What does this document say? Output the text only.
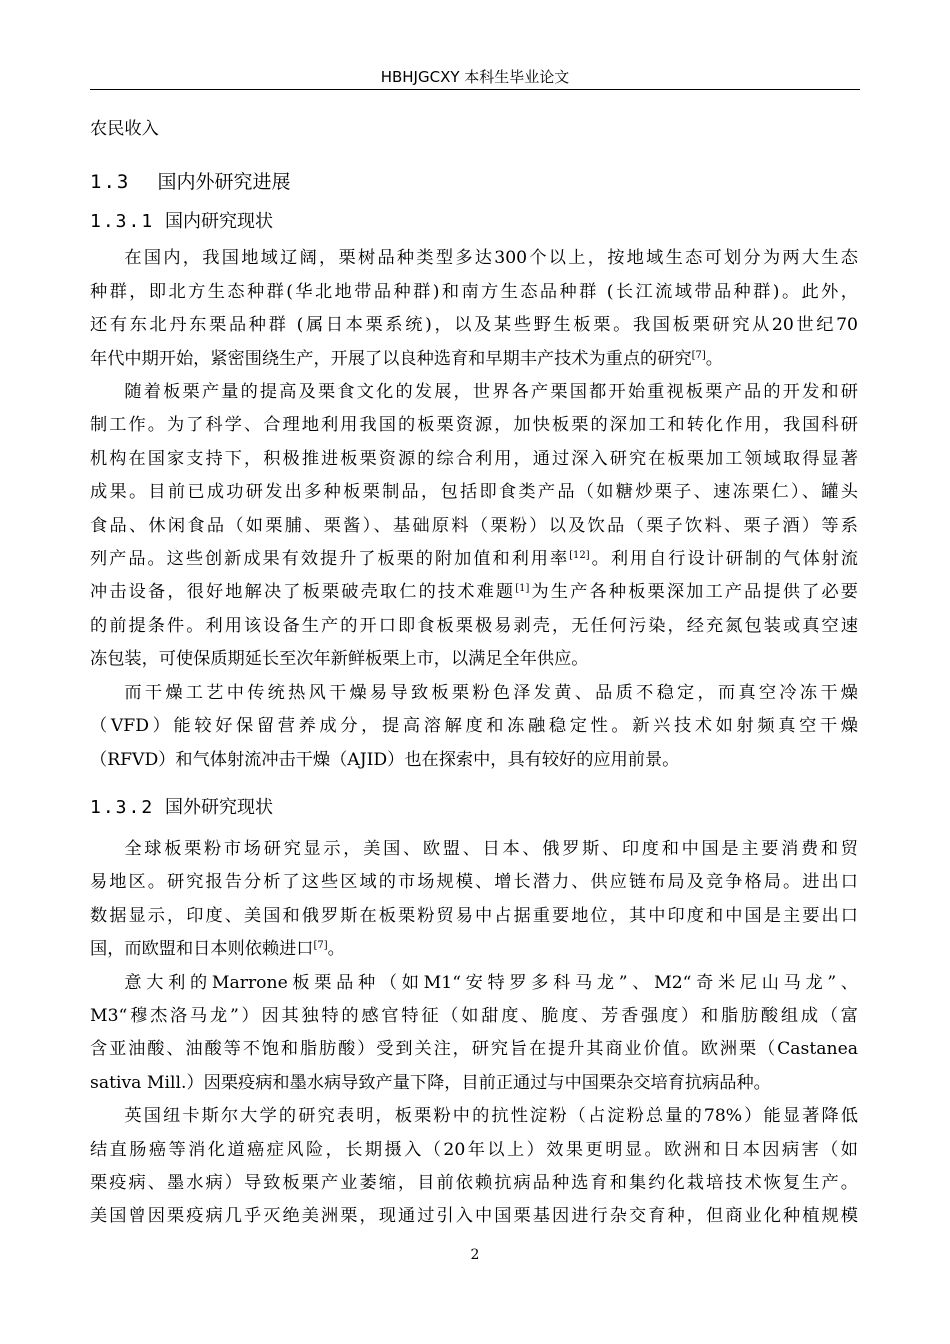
HBHJGCXY 本科生毕业论文

农民收入

1.3 国内外研究进展
1.3.1 国内研究现状

在国内，我国地域辽阔，栗树品种类型多达300个以上，按地域生态可划分为两大生态

种群，即北方生态种群(华北地带品种群)和南方生态品种群 (长江流域带品种群)。此外，

还有东北丹东栗品种群 (属日本栗系统)，以及某些野生板栗。我国板栗研究从20世纪70

年代中期开始，紧密围绕生产，开展了以良种选育和早期丰产技术为重点的研究[7]。

随着板栗产量的提高及栗食文化的发展，世界各产栗国都开始重视板栗产品的开发和研

制工作。为了科学、合理地利用我国的板栗资源，加快板栗的深加工和转化作用，我国科研

机构在国家支持下，积极推进板栗资源的综合利用，通过深入研究在板栗加工领域取得显著

成果。目前已成功研发出多种板栗制品，包括即食类产品（如糖炒栗子、速冻栗仁）、罐头

食品、休闲食品（如栗脯、栗酱）、基础原料（栗粉）以及饮品（栗子饮料、栗子酒）等系

列产品。这些创新成果有效提升了板栗的附加值和利用率[12]。利用自行设计研制的气体射流

冲击设备，很好地解决了板栗破壳取仁的技术难题[1]为生产各种板栗深加工产品提供了必要

的前提条件。利用该设备生产的开口即食板栗极易剥壳，无任何污染，经充氮包装或真空速

冻包装，可使保质期延长至次年新鲜板栗上市，以满足全年供应。

而干燥工艺中传统热风干燥易导致板栗粉色泽发黄、品质不稳定，而真空冷冻干燥

（VFD）能较好保留营养成分，提高溶解度和冻融稳定性。新兴技术如射频真空干燥

（RFVD）和气体射流冲击干燥（AJID）也在探索中，具有较好的应用前景。

1.3.2 国外研究现状

全球板栗粉市场研究显示，美国、欧盟、日本、俄罗斯、印度和中国是主要消费和贸

易地区。研究报告分析了这些区域的市场规模、增长潜力、供应链布局及竞争格局。进出口

数据显示，印度、美国和俄罗斯在板栗粉贸易中占据重要地位，其中印度和中国是主要出口

国，而欧盟和日本则依赖进口[7]。

意大利的Marrone板栗品种（如M1“安特罗多科马龙”、M2“奇米尼山马龙”、

M3“穆杰洛马龙”）因其独特的感官特征（如甜度、脆度、芳香强度）和脂肪酸组成（富

含亚油酸、油酸等不饱和脂肪酸）受到关注，研究旨在提升其商业价值。欧洲栗（Castanea

sativa Mill.）因栗疫病和墨水病导致产量下降，目前正通过与中国栗杂交培育抗病品种。

英国纽卡斯尔大学的研究表明，板栗粉中的抗性淀粉（占淀粉总量的78%）能显著降低

结直肠癌等消化道癌症风险，长期摄入（20年以上）效果更明显。欧洲和日本因病害（如

栗疫病、墨水病）导致板栗产业萎缩，目前依赖抗病品种选育和集约化栽培技术恢复生产。

美国曾因栗疫病几乎灭绝美洲栗，现通过引入中国栗基因进行杂交育种，但商业化种植规模

2
